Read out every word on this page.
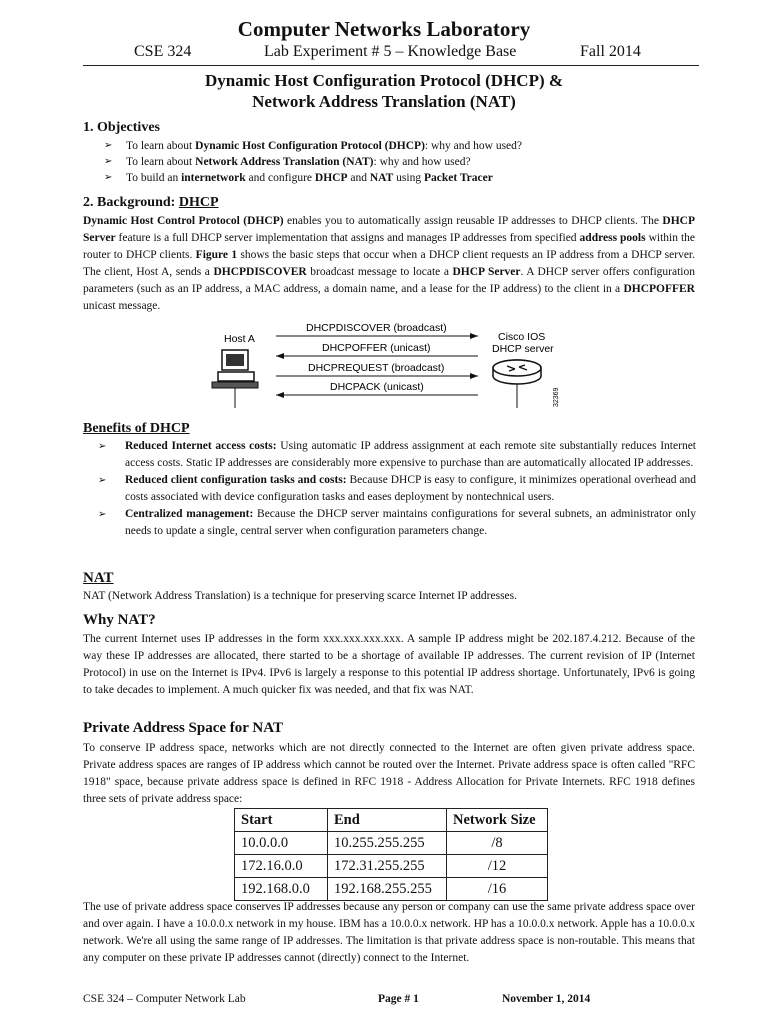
Computer Networks Laboratory
CSE 324	Lab Experiment # 5 – Knowledge Base	Fall 2014
Dynamic Host Configuration Protocol (DHCP) &
Network Address Translation (NAT)
1. Objectives
➢ To learn about Dynamic Host Configuration Protocol (DHCP): why and how used?
➢ To learn about Network Address Translation (NAT): why and how used?
➢ To build an internetwork and configure DHCP and NAT using Packet Tracer
2. Background: DHCP

Dynamic Host Control Protocol (DHCP) enables you to automatically assign reusable IP addresses to DHCP clients. The DHCP Server feature is a full DHCP server implementation that assigns and manages IP addresses from specified address pools within the router to DHCP clients. Figure 1 shows the basic steps that occur when a DHCP client requests an IP address from a DHCP server. The client, Host A, sends a DHCPDISCOVER broadcast message to locate a DHCP Server. A DHCP server offers configuration parameters (such as an IP address, a MAC address, a domain name, and a lease for the IP address) to the client in a DHCPOFFER unicast message.

Host A	Cisco IOS
DHCP server
32369
DHCPDISCOVER (broadcast)
DHCPOFFER (unicast)
DHCPREQUEST (broadcast)
DHCPACK (unicast)
Benefits of DHCP
➢ Reduced Internet access costs: Using automatic IP address assignment at each remote site substantially reduces Internet access costs. Static IP addresses are considerably more expensive to purchase than are automatically allocated IP addresses.
➢ Reduced client configuration tasks and costs: Because DHCP is easy to configure, it minimizes operational overhead and costs associated with device configuration tasks and eases deployment by nontechnical users.
➢ Centralized management: Because the DHCP server maintains configurations for several subnets, an administrator only needs to update a single, central server when configuration parameters change.
NAT

NAT (Network Address Translation) is a technique for preserving scarce Internet IP addresses.

Why NAT?

The current Internet uses IP addresses in the form xxx.xxx.xxx.xxx. A sample IP address might be 202.187.4.212. Because of the way these IP addresses are allocated, there started to be a shortage of available IP addresses. The current revision of IP (Internet Protocol) in use on the Internet is IPv4. IPv6 is largely a response to this potential IP address shortage. Unfortunately, IPv6 is going to take decades to implement. A much quicker fix was needed, and that fix was NAT.

Private Address Space for NAT

To conserve IP address space, networks which are not directly connected to the Internet are often given private address space. Private address spaces are ranges of IP address which cannot be routed over the Internet. Private address space is often called "RFC 1918" space, because private address space is defined in RFC 1918 - Address Allocation for Private Internets. RFC 1918 defines three sets of private address space:

Start	End	Network Size
10.0.0.0	10.255.255.255	/8
172.16.0.0	172.31.255.255	/12
192.168.0.0	192.168.255.255	/16

The use of private address space conserves IP addresses because any person or company can use the same private address space over and over again. I have a 10.0.0.x network in my house. IBM has a 10.0.0.x network. HP has a 10.0.0.x network. Apple has a 10.0.0.x network. We're all using the same range of IP addresses. The limitation is that private address space is non-routable. This means that any computer on these private IP addresses cannot (directly) connect to the Internet.

CSE 324 – Computer Network Lab	Page # 1	November 1, 2014
